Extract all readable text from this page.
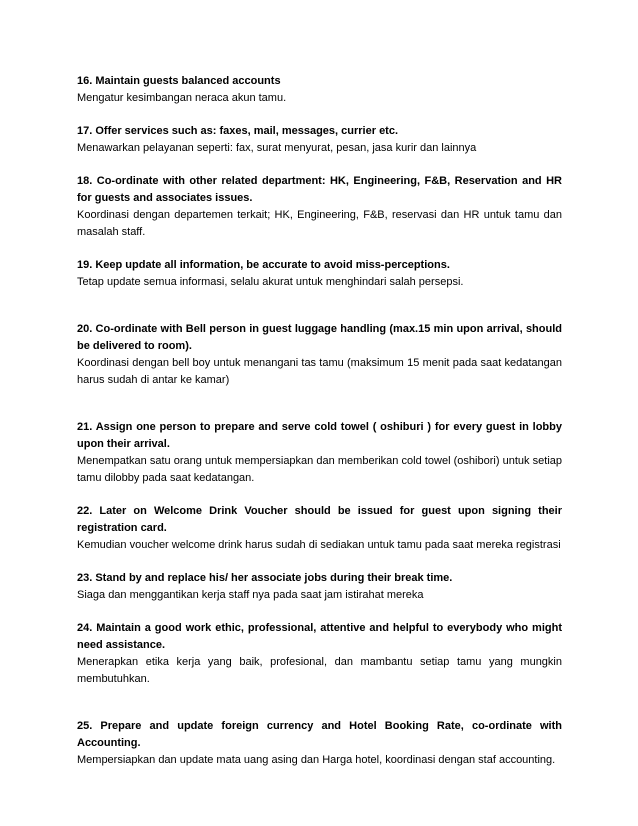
16. Maintain guests balanced accounts

Mengatur kesimbangan neraca akun tamu.

17. Offer services such as: faxes, mail, messages, currier etc.

Menawarkan pelayanan seperti: fax, surat menyurat, pesan, jasa kurir dan lainnya

18. Co-ordinate with other related department: HK, Engineering, F&B, Reservation and HR for guests and associates issues.

Koordinasi dengan departemen terkait; HK, Engineering, F&B, reservasi dan HR untuk tamu dan masalah staff.

19. Keep update all information, be accurate to avoid miss-perceptions.

Tetap update semua informasi, selalu akurat untuk menghindari salah persepsi.

20. Co-ordinate with Bell person in guest luggage handling (max.15 min upon arrival, should be delivered to room).

Koordinasi dengan bell boy untuk menangani tas tamu (maksimum 15 menit pada saat kedatangan harus sudah di antar ke kamar)

21. Assign one person to prepare and serve cold towel ( oshiburi ) for every guest in lobby upon their arrival.

Menempatkan satu orang untuk mempersiapkan dan memberikan cold towel (oshibori) untuk setiap tamu dilobby pada saat kedatangan.

22. Later on Welcome Drink Voucher should be issued for guest upon signing their registration card.

Kemudian voucher welcome drink harus sudah di sediakan untuk tamu pada saat mereka registrasi

23. Stand by and replace his/ her associate jobs during their break time.

Siaga dan menggantikan kerja staff nya pada saat jam istirahat mereka

24. Maintain a good work ethic, professional, attentive and helpful to everybody who might need assistance.

Menerapkan etika kerja yang baik, profesional, dan mambantu setiap tamu yang mungkin membutuhkan.

25. Prepare and update foreign currency and Hotel Booking Rate, co-ordinate with Accounting.

Mempersiapkan dan update mata uang asing dan Harga hotel, koordinasi dengan staf accounting.
